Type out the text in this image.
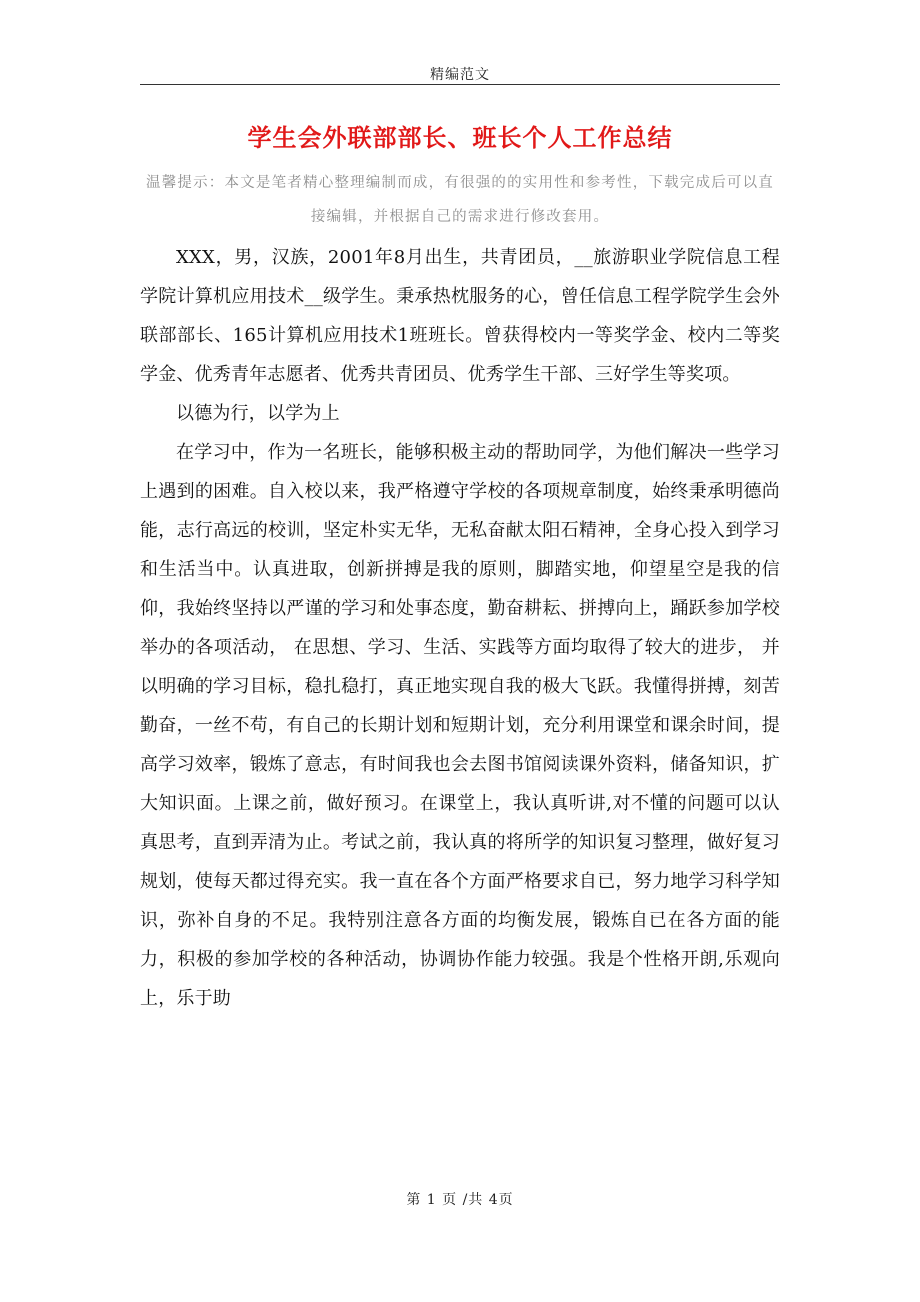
精编范文
学生会外联部部长、班长个人工作总结
温馨提示：本文是笔者精心整理编制而成，有很强的的实用性和参考性，下载完成后可以直接编辑，并根据自己的需求进行修改套用。

XXX，男，汉族，2001年8月出生，共青团员，__旅游职业学院信息工程学院计算机应用技术__级学生。秉承热枕服务的心，曾任信息工程学院学生会外联部部长、165计算机应用技术1班班长。曾获得校内一等奖学金、校内二等奖学金、优秀青年志愿者、优秀共青团员、优秀学生干部、三好学生等奖项。

以德为行，以学为上

在学习中，作为一名班长，能够积极主动的帮助同学，为他们解决一些学习上遇到的困难。自入校以来，我严格遵守学校的各项规章制度，始终秉承明德尚能，志行高远的校训，坚定朴实无华，无私奋献太阳石精神，全身心投入到学习和生活当中。认真进取，创新拼搏是我的原则，脚踏实地，仰望星空是我的信仰，我始终坚持以严谨的学习和处事态度，勤奋耕耘、拼搏向上，踊跃参加学校举办的各项活动， 在思想、学习、生活、实践等方面均取得了较大的进步， 并以明确的学习目标，稳扎稳打，真正地实现自我的极大飞跃。我懂得拼搏，刻苦勤奋，一丝不苟，有自己的长期计划和短期计划，充分利用课堂和课余时间，提高学习效率，锻炼了意志，有时间我也会去图书馆阅读课外资料，储备知识，扩大知识面。上课之前，做好预习。在课堂上，我认真听讲,对不懂的问题可以认真思考，直到弄清为止。考试之前，我认真的将所学的知识复习整理，做好复习规划，使每天都过得充实。我一直在各个方面严格要求自已，努力地学习科学知识，弥补自身的不足。我特别注意各方面的均衡发展，锻炼自已在各方面的能力，积极的参加学校的各种活动，协调协作能力较强。我是个性格开朗,乐观向上，乐于助

第 1 页 /共 4页
